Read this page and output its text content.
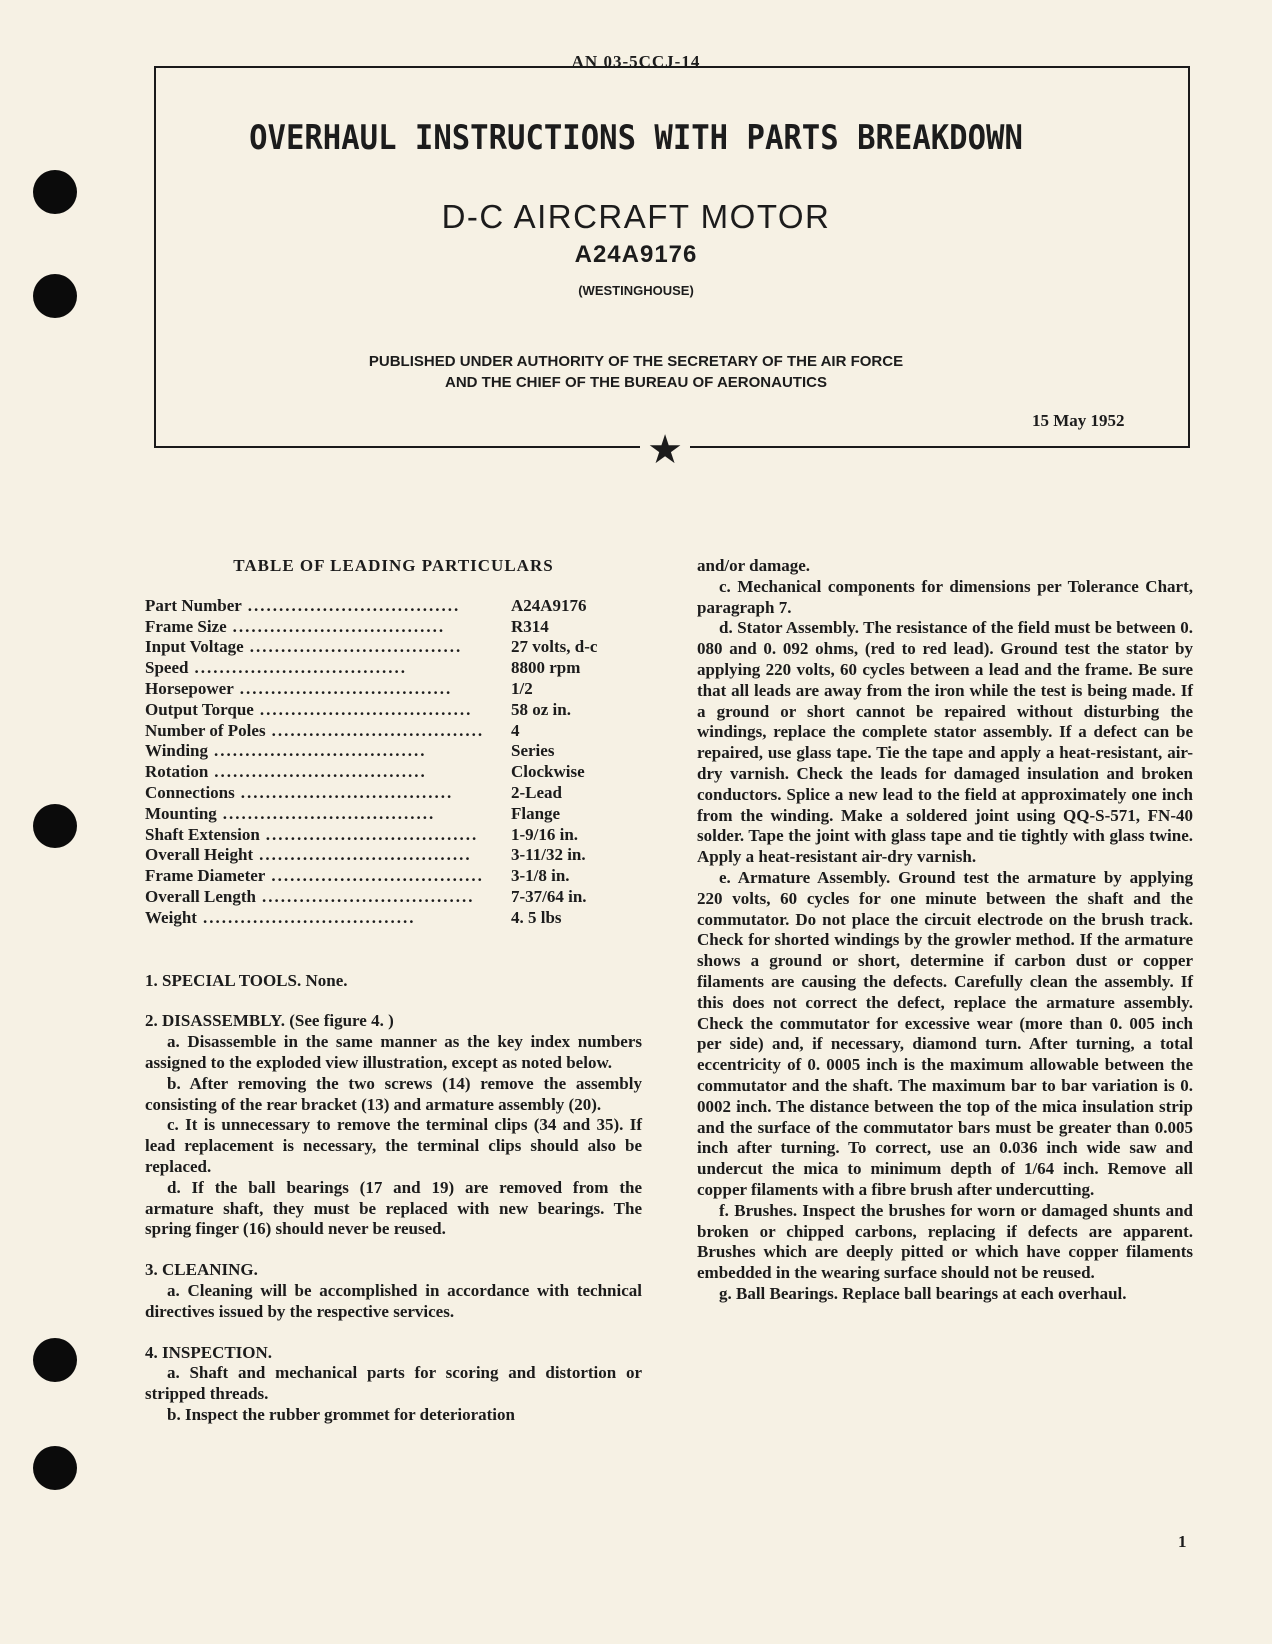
AN 03-5CCJ-14
★
OVERHAUL INSTRUCTIONS WITH PARTS BREAKDOWN
D-C AIRCRAFT MOTOR
A24A9176
(WESTINGHOUSE)
PUBLISHED UNDER AUTHORITY OF THE SECRETARY OF THE AIR FORCE
AND THE CHIEF OF THE BUREAU OF AERONAUTICS
15 May 1952
TABLE OF LEADING PARTICULARS
Part Number ..................................	A24A9176
Frame Size ..................................	R314
Input Voltage ..................................	27 volts, d-c
Speed ..................................	8800 rpm
Horsepower ..................................	1/2
Output Torque ..................................	58 oz in.
Number of Poles ..................................	4
Winding ..................................	Series
Rotation ..................................	Clockwise
Connections ..................................	2-Lead
Mounting ..................................	Flange
Shaft Extension ..................................	1-9/16 in.
Overall Height ..................................	3-11/32 in.
Frame Diameter ..................................	3-1/8 in.
Overall Length ..................................	7-37/64 in.
Weight ..................................	4. 5 lbs
1. SPECIAL TOOLS. None.
2. DISASSEMBLY. (See figure 4. )

a. Disassemble in the same manner as the key index numbers assigned to the exploded view illustration, except as noted below.

b. After removing the two screws (14) remove the assembly consisting of the rear bracket (13) and armature assembly (20).

c. It is unnecessary to remove the terminal clips (34 and 35). If lead replacement is necessary, the terminal clips should also be replaced.

d. If the ball bearings (17 and 19) are removed from the armature shaft, they must be replaced with new bearings. The spring finger (16) should never be reused.

3. CLEANING.

a. Cleaning will be accomplished in accordance with technical directives issued by the respective services.

4. INSPECTION.

a. Shaft and mechanical parts for scoring and distortion or stripped threads.

b. Inspect the rubber grommet for deterioration

and/or damage.

c. Mechanical components for dimensions per Tolerance Chart, paragraph 7.

d. Stator Assembly. The resistance of the field must be between 0. 080 and 0. 092 ohms, (red to red lead). Ground test the stator by applying 220 volts, 60 cycles between a lead and the frame. Be sure that all leads are away from the iron while the test is being made. If a ground or short cannot be repaired without disturbing the windings, replace the complete stator assembly. If a defect can be repaired, use glass tape. Tie the tape and apply a heat-resistant, air-dry varnish. Check the leads for damaged insulation and broken conductors. Splice a new lead to the field at approximately one inch from the winding. Make a soldered joint using QQ-S-571, FN-40 solder. Tape the joint with glass tape and tie tightly with glass twine. Apply a heat-resistant air-dry varnish.

e. Armature Assembly. Ground test the armature by applying 220 volts, 60 cycles for one minute between the shaft and the commutator. Do not place the circuit electrode on the brush track. Check for shorted windings by the growler method. If the armature shows a ground or short, determine if carbon dust or copper filaments are causing the defects. Carefully clean the assembly. If this does not correct the defect, replace the armature assembly. Check the commutator for excessive wear (more than 0. 005 inch per side) and, if necessary, diamond turn. After turning, a total eccentricity of 0. 0005 inch is the maximum allowable between the commutator and the shaft. The maximum bar to bar variation is 0. 0002 inch. The distance between the top of the mica insulation strip and the surface of the commutator bars must be greater than 0.005 inch after turning. To correct, use an 0.036 inch wide saw and undercut the mica to minimum depth of 1/64 inch. Remove all copper filaments with a fibre brush after undercutting.

f. Brushes. Inspect the brushes for worn or damaged shunts and broken or chipped carbons, replacing if defects are apparent. Brushes which are deeply pitted or which have copper filaments embedded in the wearing surface should not be reused.

g. Ball Bearings. Replace ball bearings at each overhaul.

1
